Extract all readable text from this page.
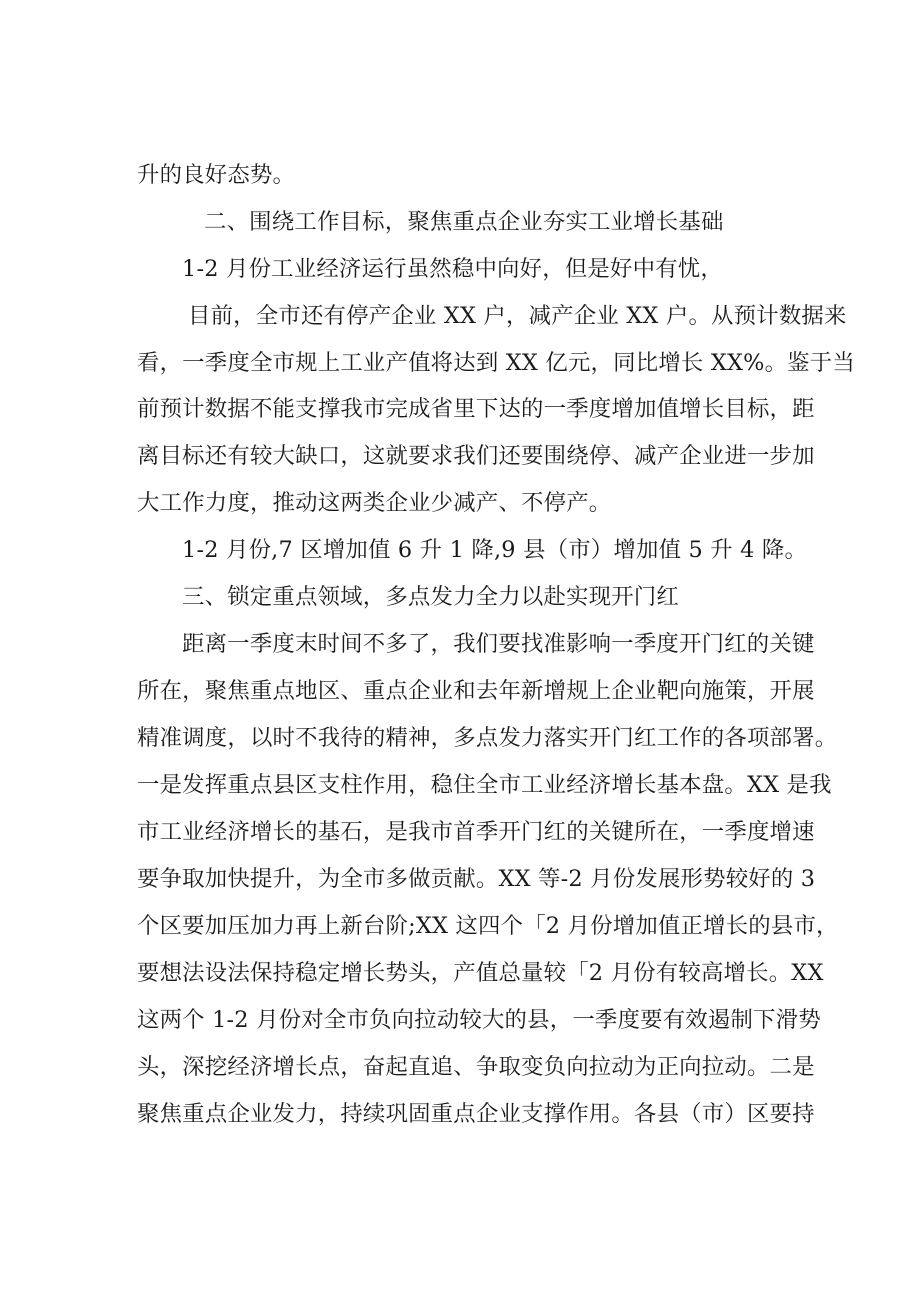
升的良好态势。

二、围绕工作目标，聚焦重点企业夯实工业增长基础

1-2 月份工业经济运行虽然稳中向好，但是好中有忧，

目前，全市还有停产企业 XX 户，减产企业 XX 户。从预计数据来

看，一季度全市规上工业产值将达到 XX 亿元，同比增长 XX%。鉴于当

前预计数据不能支撑我市完成省里下达的一季度增加值增长目标，距

离目标还有较大缺口，这就要求我们还要围绕停、减产企业进一步加

大工作力度，推动这两类企业少减产、不停产。

1-2 月份,7 区增加值 6 升 1 降,9 县（市）增加值 5 升 4 降。

三、锁定重点领域，多点发力全力以赴实现开门红

距离一季度末时间不多了，我们要找准影响一季度开门红的关键

所在，聚焦重点地区、重点企业和去年新增规上企业靶向施策，开展

精准调度，以时不我待的精神，多点发力落实开门红工作的各项部署。

一是发挥重点县区支柱作用，稳住全市工业经济增长基本盘。XX 是我

市工业经济增长的基石，是我市首季开门红的关键所在，一季度增速

要争取加快提升，为全市多做贡献。XX 等-2 月份发展形势较好的 3

个区要加压加力再上新台阶;XX 这四个「2 月份增加值正增长的县市，

要想法设法保持稳定增长势头，产值总量较「2 月份有较高增长。XX

这两个 1-2 月份对全市负向拉动较大的县，一季度要有效遏制下滑势

头，深挖经济增长点，奋起直追、争取变负向拉动为正向拉动。二是

聚焦重点企业发力，持续巩固重点企业支撑作用。各县（市）区要持
